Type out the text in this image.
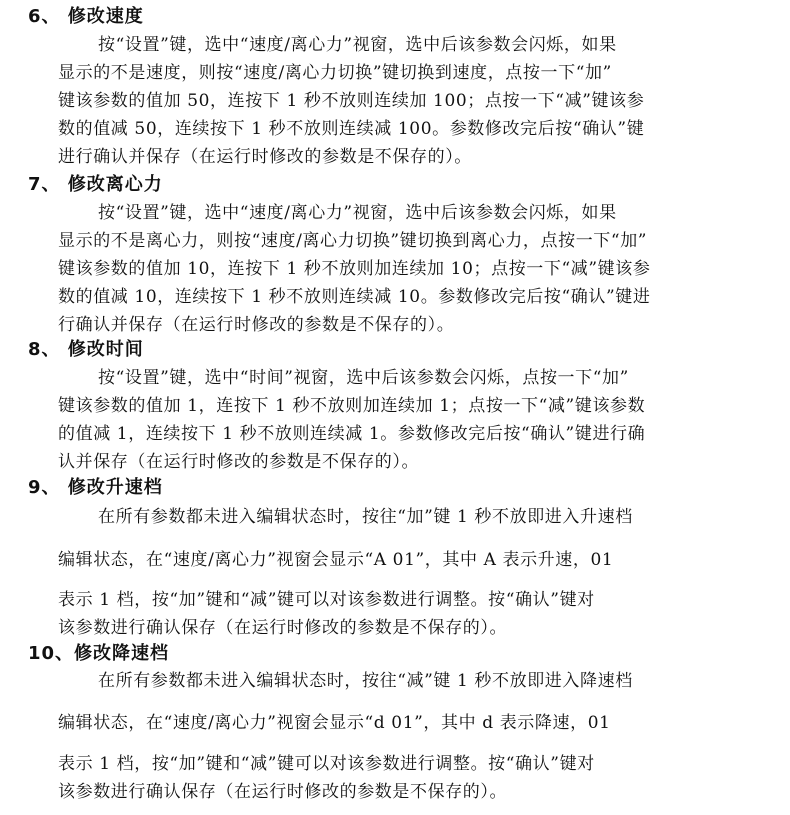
6、 修改速度
按“设置”键，选中“速度/离心力”视窗，选中后该参数会闪烁，如果
显示的不是速度，则按“速度/离心力切换”键切换到速度，点按一下“加”
键该参数的值加 50，连按下 1 秒不放则连续加 100；点按一下“减”键该参
数的值减 50，连续按下 1 秒不放则连续减 100。参数修改完后按“确认”键
进行确认并保存（在运行时修改的参数是不保存的）。
7、 修改离心力
按“设置”键，选中“速度/离心力”视窗，选中后该参数会闪烁，如果
显示的不是离心力，则按“速度/离心力切换”键切换到离心力，点按一下“加”
键该参数的值加 10，连按下 1 秒不放则加连续加 10；点按一下“减”键该参
数的值减 10，连续按下 1 秒不放则连续减 10。参数修改完后按“确认”键进
行确认并保存（在运行时修改的参数是不保存的）。
8、 修改时间
按“设置”键，选中“时间”视窗，选中后该参数会闪烁，点按一下“加”
键该参数的值加 1，连按下 1 秒不放则加连续加 1；点按一下“减”键该参数
的值减 1，连续按下 1 秒不放则连续减 1。参数修改完后按“确认”键进行确
认并保存（在运行时修改的参数是不保存的）。
9、 修改升速档
在所有参数都未进入编辑状态时，按往“加”键 1 秒不放即进入升速档
编辑状态，在“速度/离心力”视窗会显示“A 01”，其中 A 表示升速，01
表示 1 档，按“加”键和“减”键可以对该参数进行调整。按“确认”键对
该参数进行确认保存（在运行时修改的参数是不保存的）。
10、修改降速档
在所有参数都未进入编辑状态时，按往“减”键 1 秒不放即进入降速档
编辑状态，在“速度/离心力”视窗会显示“d 01”，其中 d 表示降速，01
表示 1 档，按“加”键和“减”键可以对该参数进行调整。按“确认”键对
该参数进行确认保存（在运行时修改的参数是不保存的）。
